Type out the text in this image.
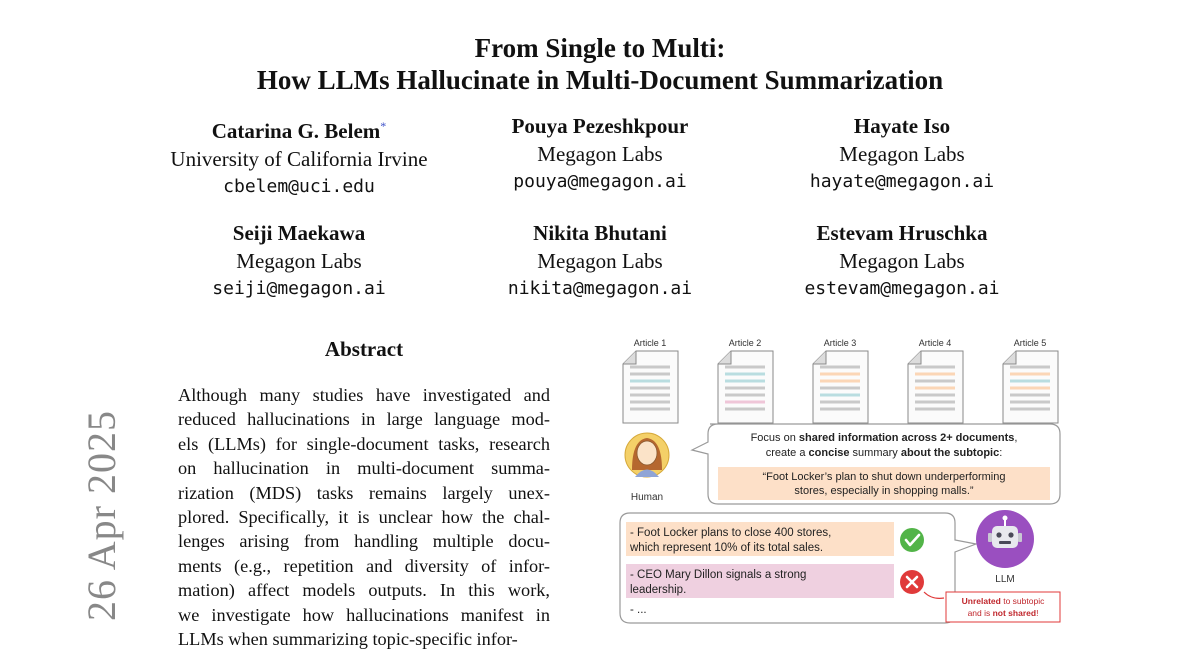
From Single to Multi:
How LLMs Hallucinate in Multi-Document Summarization
Catarina G. Belem*
University of California Irvine
cbelem@uci.edu
Pouya Pezeshkpour
Megagon Labs
pouya@megagon.ai
Hayate Iso
Megagon Labs
hayate@megagon.ai
Seiji Maekawa
Megagon Labs
seiji@megagon.ai
Nikita Bhutani
Megagon Labs
nikita@megagon.ai
Estevam Hruschka
Megagon Labs
estevam@megagon.ai
26 Apr 2025
Abstract
Although many studies have investigated and
reduced hallucinations in large language mod-
els (LLMs) for single-document tasks, research
on hallucination in multi-document summa-
rization (MDS) tasks remains largely unex-
plored. Specifically, it is unclear how the chal-
lenges arising from handling multiple docu-
ments (e.g., repetition and diversity of infor-
mation) affect models outputs. In this work,
we investigate how hallucinations manifest in
LLMs when summarizing topic-specific infor-
Article 1	Article 2	Article 3	Article 4	Article 5
Human
Focus on shared information across 2+ documents,
create a concise summary about the subtopic:
“Foot Locker’s plan to shut down underperforming
stores, especially in shopping malls.”
- Foot Locker plans to close 400 stores,
which represent 10% of its total sales.
- CEO Mary Dillon signals a strong
leadership.
- ...
LLM
Unrelated to subtopic
and is not shared!
